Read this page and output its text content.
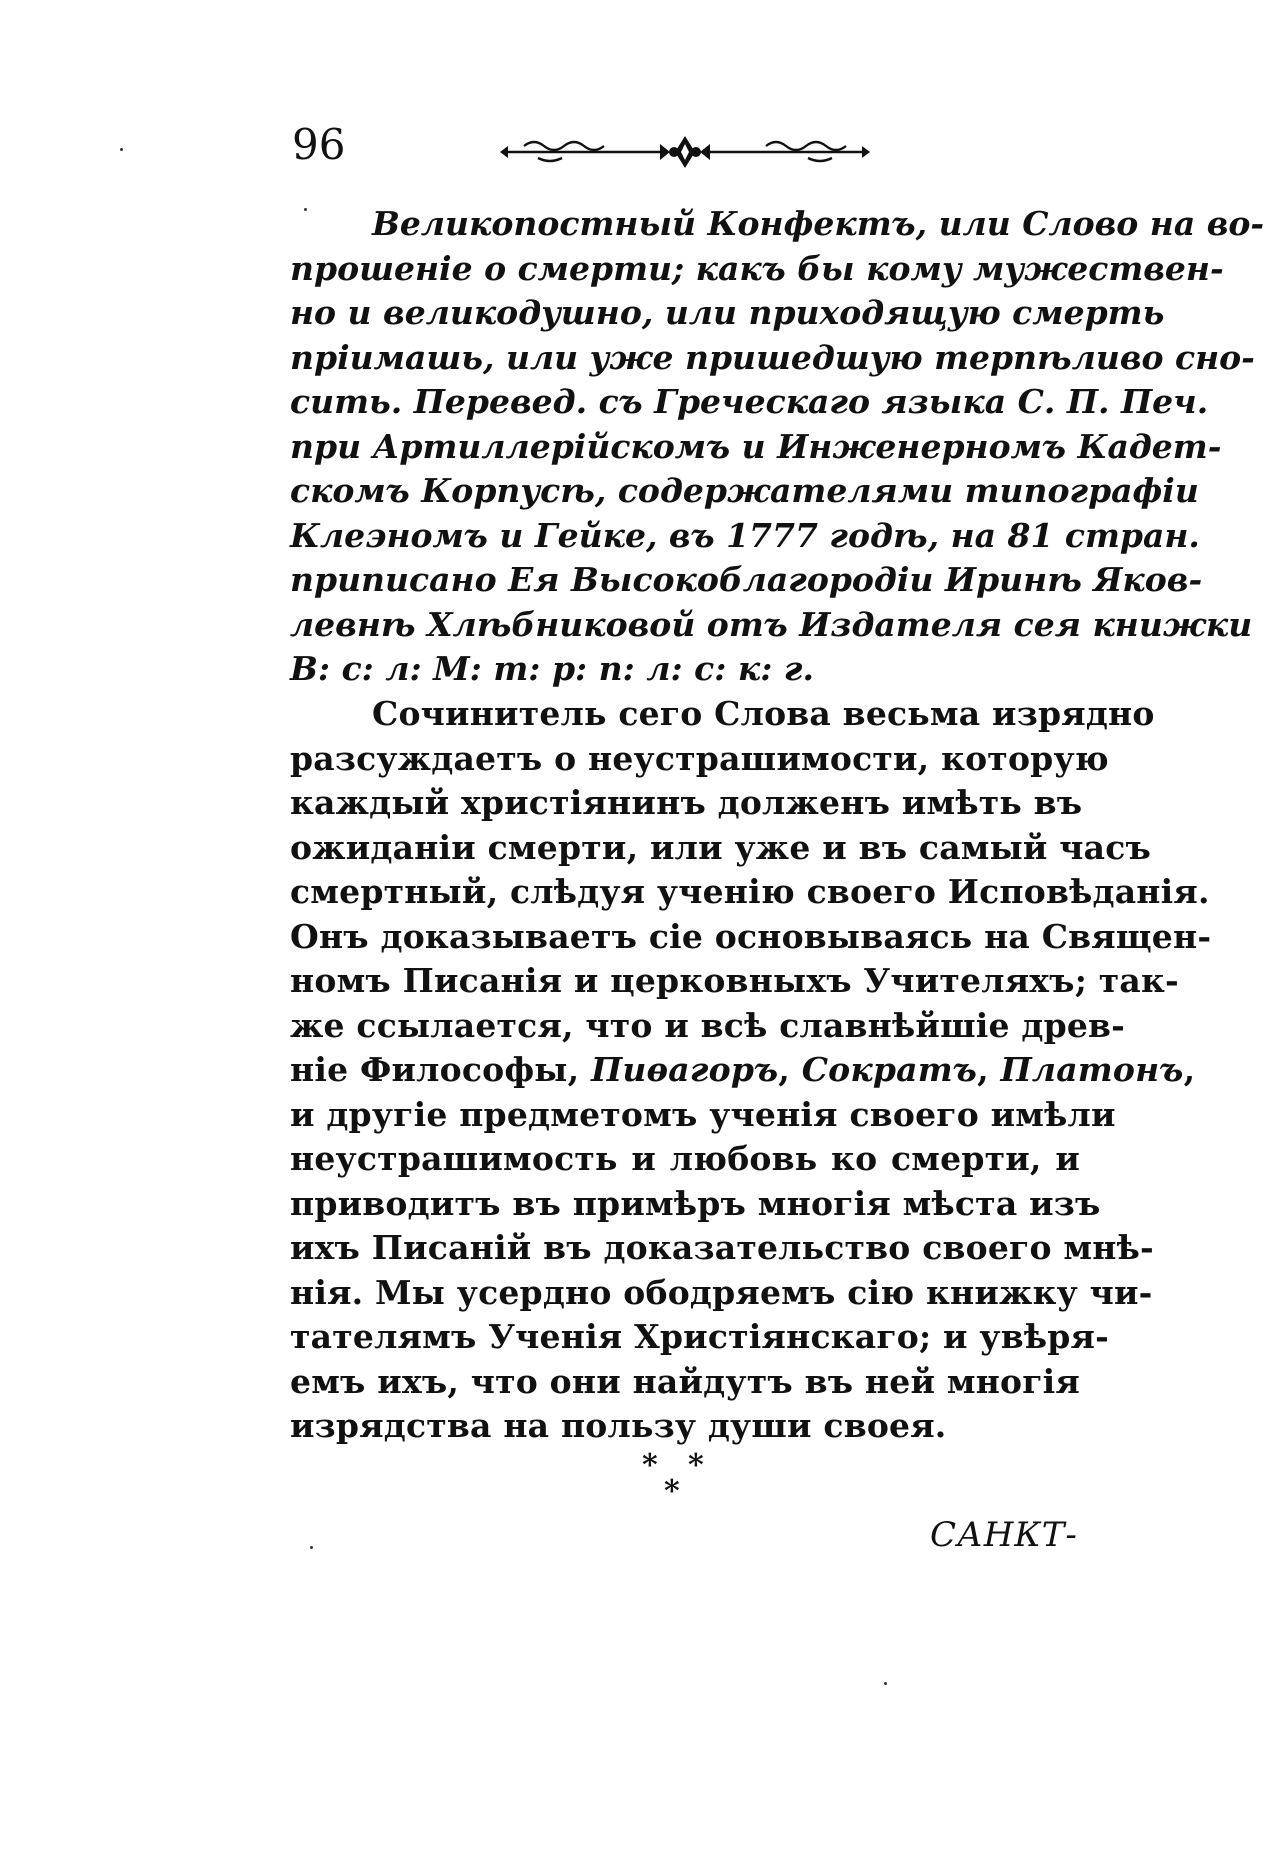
96
Великопостный Конфектъ, или Слово на во-
прошеніе о смерти; какъ бы кому мужествен-
но и великодушно, или приходящую смерть
пріимашь, или уже пришедшую терпѣливо сно-
сить. Перевед. съ Греческаго языка С. П. Печ.
при Артиллерійскомъ и Инженерномъ Кадет-
скомъ Корпусѣ, содержателями типографіи
Клеэномъ и Гейке, въ 1777 годѣ, на 81 стран.
приписано Ея Высокоблагородіи Иринѣ Яков-
левнѣ Хлѣбниковой отъ Издателя сея книжки
В: с: л: М: т: р: п: л: с: к: г.
Сочинитель сего Слова весьма изрядно
разсуждаетъ о неустрашимости, которую
каждый христіянинъ долженъ имѣть въ
ожиданіи смерти, или уже и въ самый часъ
смертный, слѣдуя ученію своего Исповѣданія.
Онъ доказываетъ сіе основываясь на Священ-
номъ Писанія и церковныхъ Учителяхъ; так-
же ссылается, что и всѣ славнѣйшіе древ-
ніе Философы, Пиѳагоръ, Сократъ, Платонъ,
и другіе предметомъ ученія своего имѣли
неустрашимость и любовь ко смерти, и
приводитъ въ примѣръ многія мѣста изъ
ихъ Писаній въ доказательство своего мнѣ-
нія. Мы усердно ободряемъ сію книжку чи-
тателямъ Ученія Христіянскаго; и увѣря-
емъ ихъ, что они найдутъ въ ней многія
изрядства на пользу души своея.
* *
*
САНКТ-
